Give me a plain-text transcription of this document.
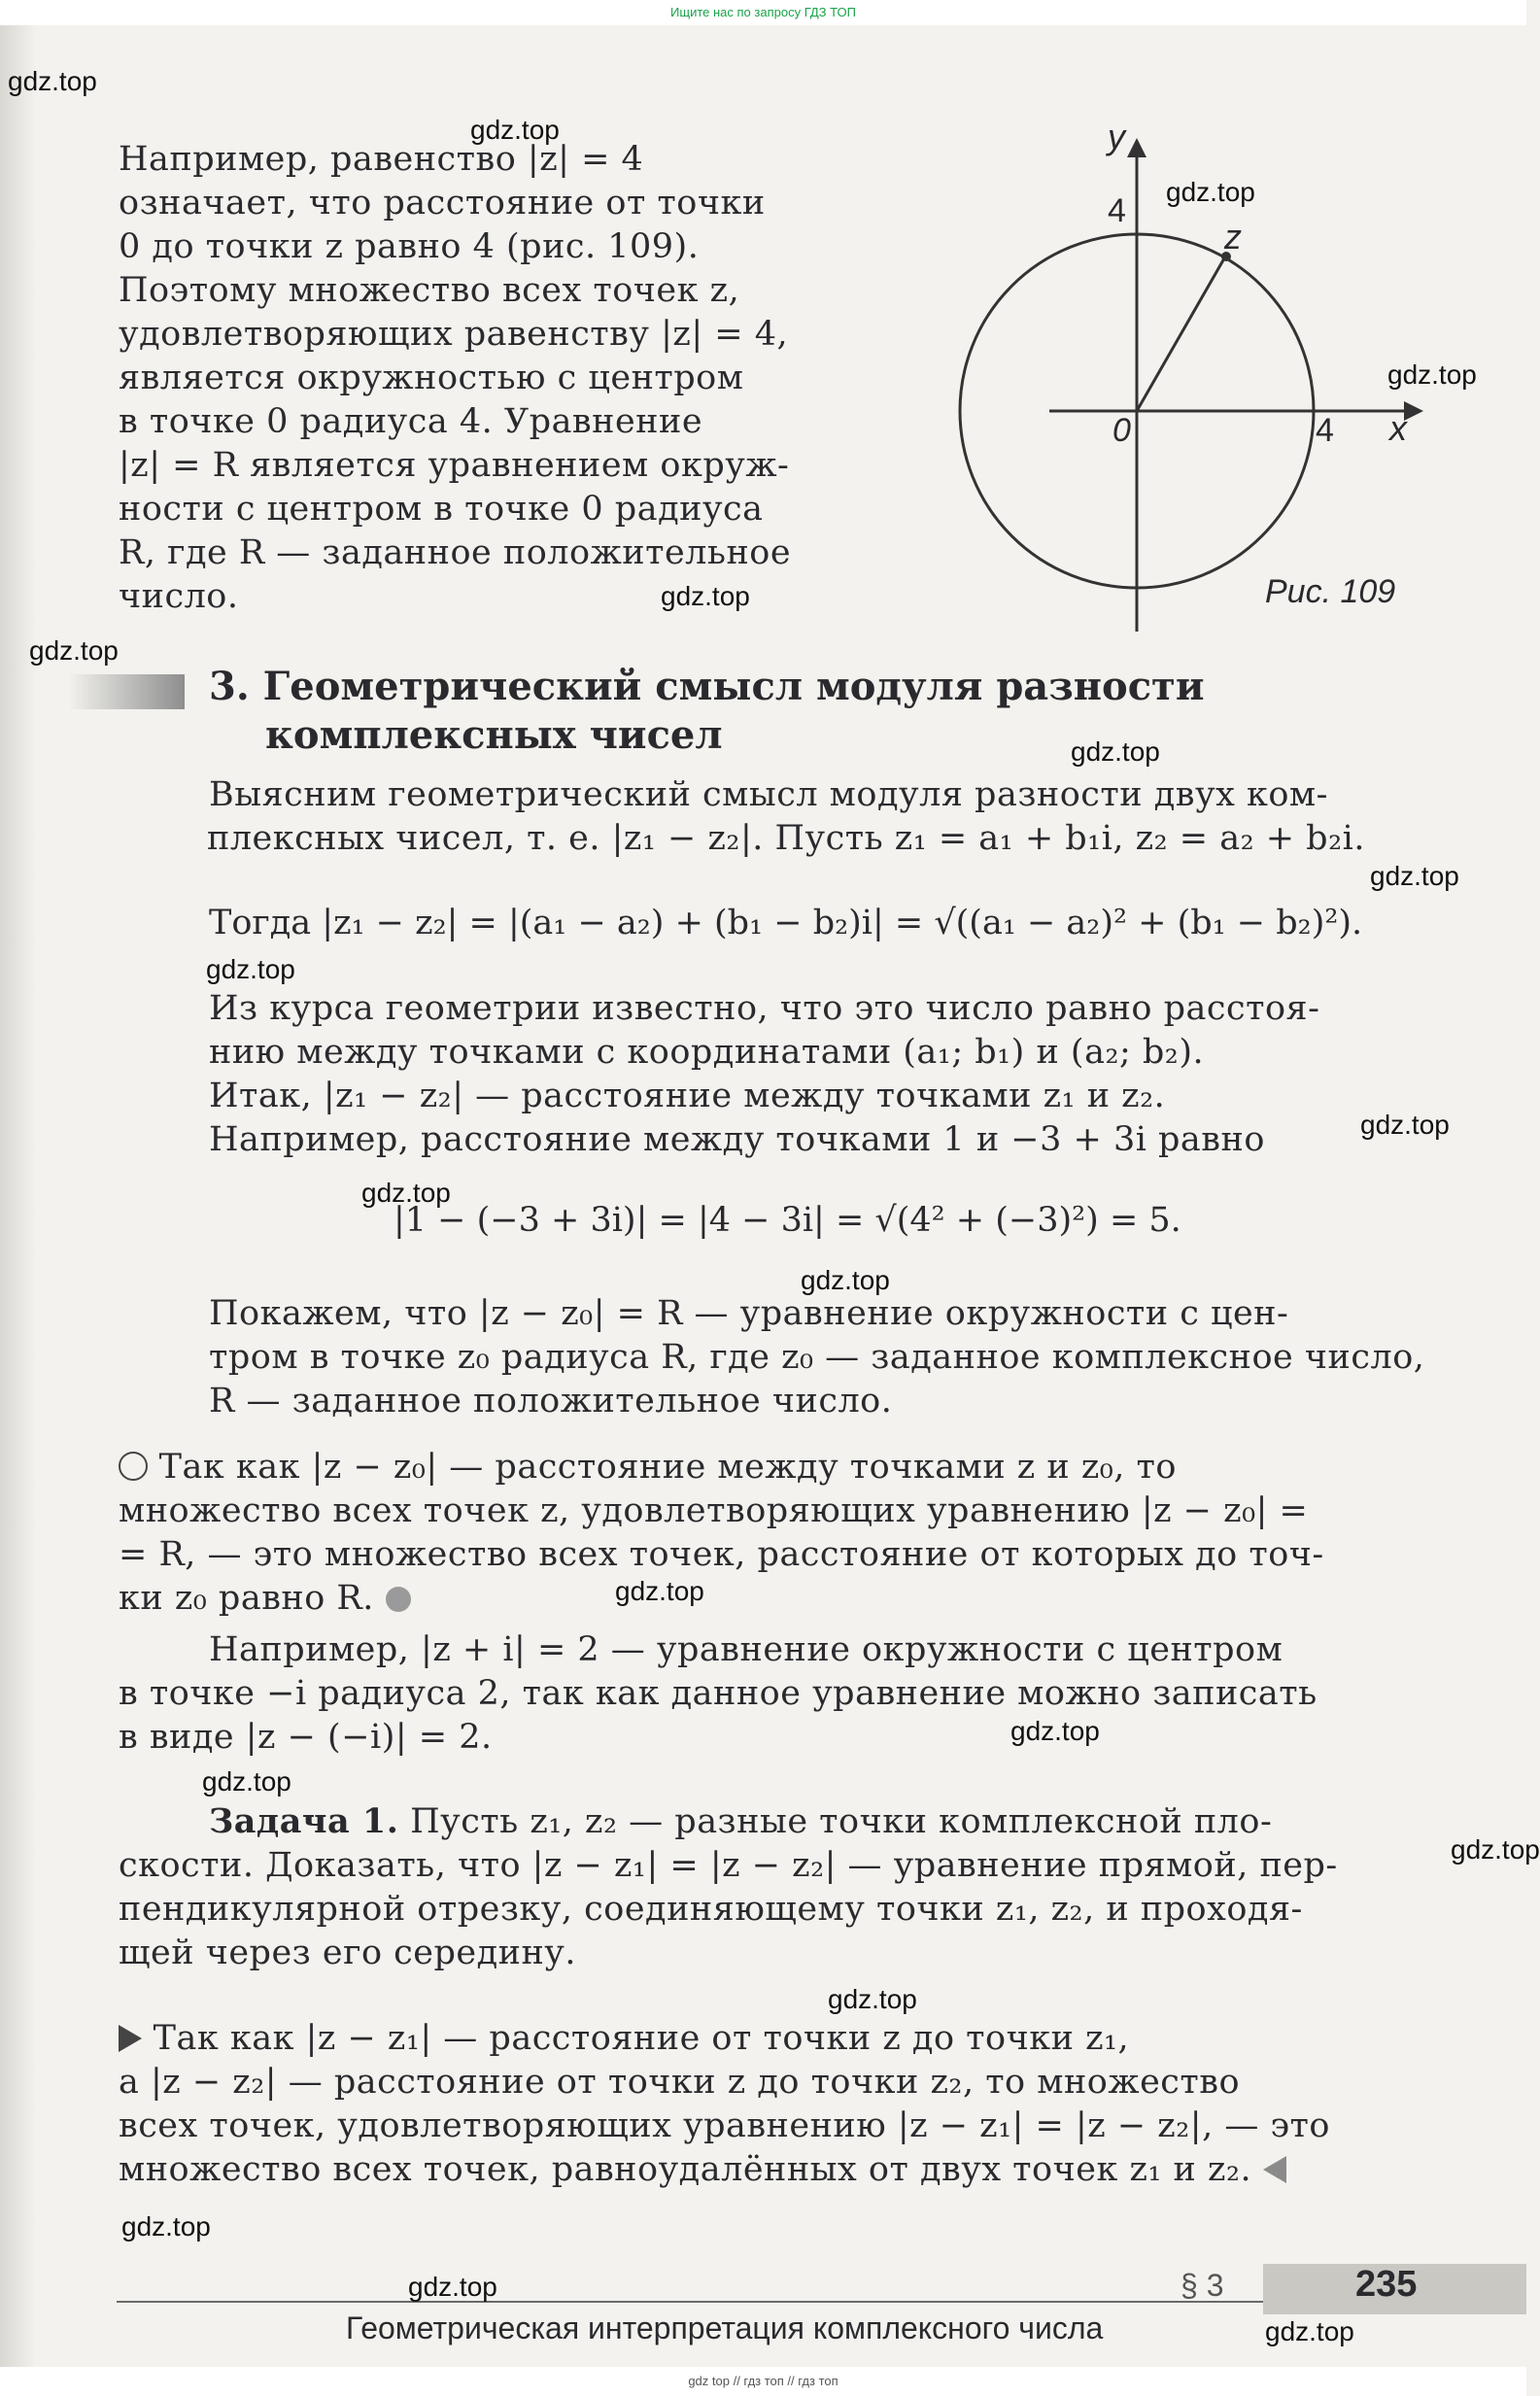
Ищите нас по запросу ГДЗ ТОП
Например, равенство |z| = 4
означает, что расстояние от точки
0 до точки z равно 4 (рис. 109).
Поэтому множество всех точек z,
удовлетворяющих равенству |z| = 4,
является окружностью с центром
в точке 0 радиуса 4. Уравнение
|z| = R является уравнением окруж-
ности с центром в точке 0 радиуса
R, где R — заданное положительное
число.
y
x
4
4
0
z
Рис. 109
3. Геометрический смысл модуля разности
комплексных чисел
Выясним геометрический смысл модуля разности двух ком-
плексных чисел, т. е. |z₁ − z₂|. Пусть z₁ = a₁ + b₁i, z₂ = a₂ + b₂i.
Тогда |z₁ − z₂| = |(a₁ − a₂) + (b₁ − b₂)i| = √((a₁ − a₂)² + (b₁ − b₂)²).
Из курса геометрии известно, что это число равно расстоя-
нию между точками с координатами (a₁; b₁) и (a₂; b₂).
Итак, |z₁ − z₂| — расстояние между точками z₁ и z₂.
Например, расстояние между точками 1 и −3 + 3i равно
|1 − (−3 + 3i)| = |4 − 3i| = √(4² + (−3)²) = 5.
Покажем, что |z − z₀| = R — уравнение окружности с цен-
тром в точке z₀ радиуса R, где z₀ — заданное комплексное число,
R — заданное положительное число.
Так как |z − z₀| — расстояние между точками z и z₀, то
множество всех точек z, удовлетворяющих уравнению |z − z₀| =
= R, — это множество всех точек, расстояние от которых до точ-
ки z₀ равно R.
Например, |z + i| = 2 — уравнение окружности с центром
в точке −i радиуса 2, так как данное уравнение можно записать
в виде |z − (−i)| = 2.
Задача 1. Пусть z₁, z₂ — разные точки комплексной пло-
скости. Доказать, что |z − z₁| = |z − z₂| — уравнение прямой, пер-
пендикулярной отрезку, соединяющему точки z₁, z₂, и проходя-
щей через его середину.
Так как |z − z₁| — расстояние от точки z до точки z₁,
а |z − z₂| — расстояние от точки z до точки z₂, то множество
всех точек, удовлетворяющих уравнению |z − z₁| = |z − z₂|, — это
множество всех точек, равноудалённых от двух точек z₁ и z₂.
§ 3	235
Геометрическая интерпретация комплексного числа
gdz.top
gdz.top
gdz.top
gdz.top
gdz.top
gdz.top
gdz.top
gdz.top
gdz.top
gdz.top
gdz.top
gdz.top
gdz.top
gdz.top
gdz.top
gdz.top
gdz.top
gdz.top
gdz.top
gdz.top
gdz top // гдз топ // гдз топ
